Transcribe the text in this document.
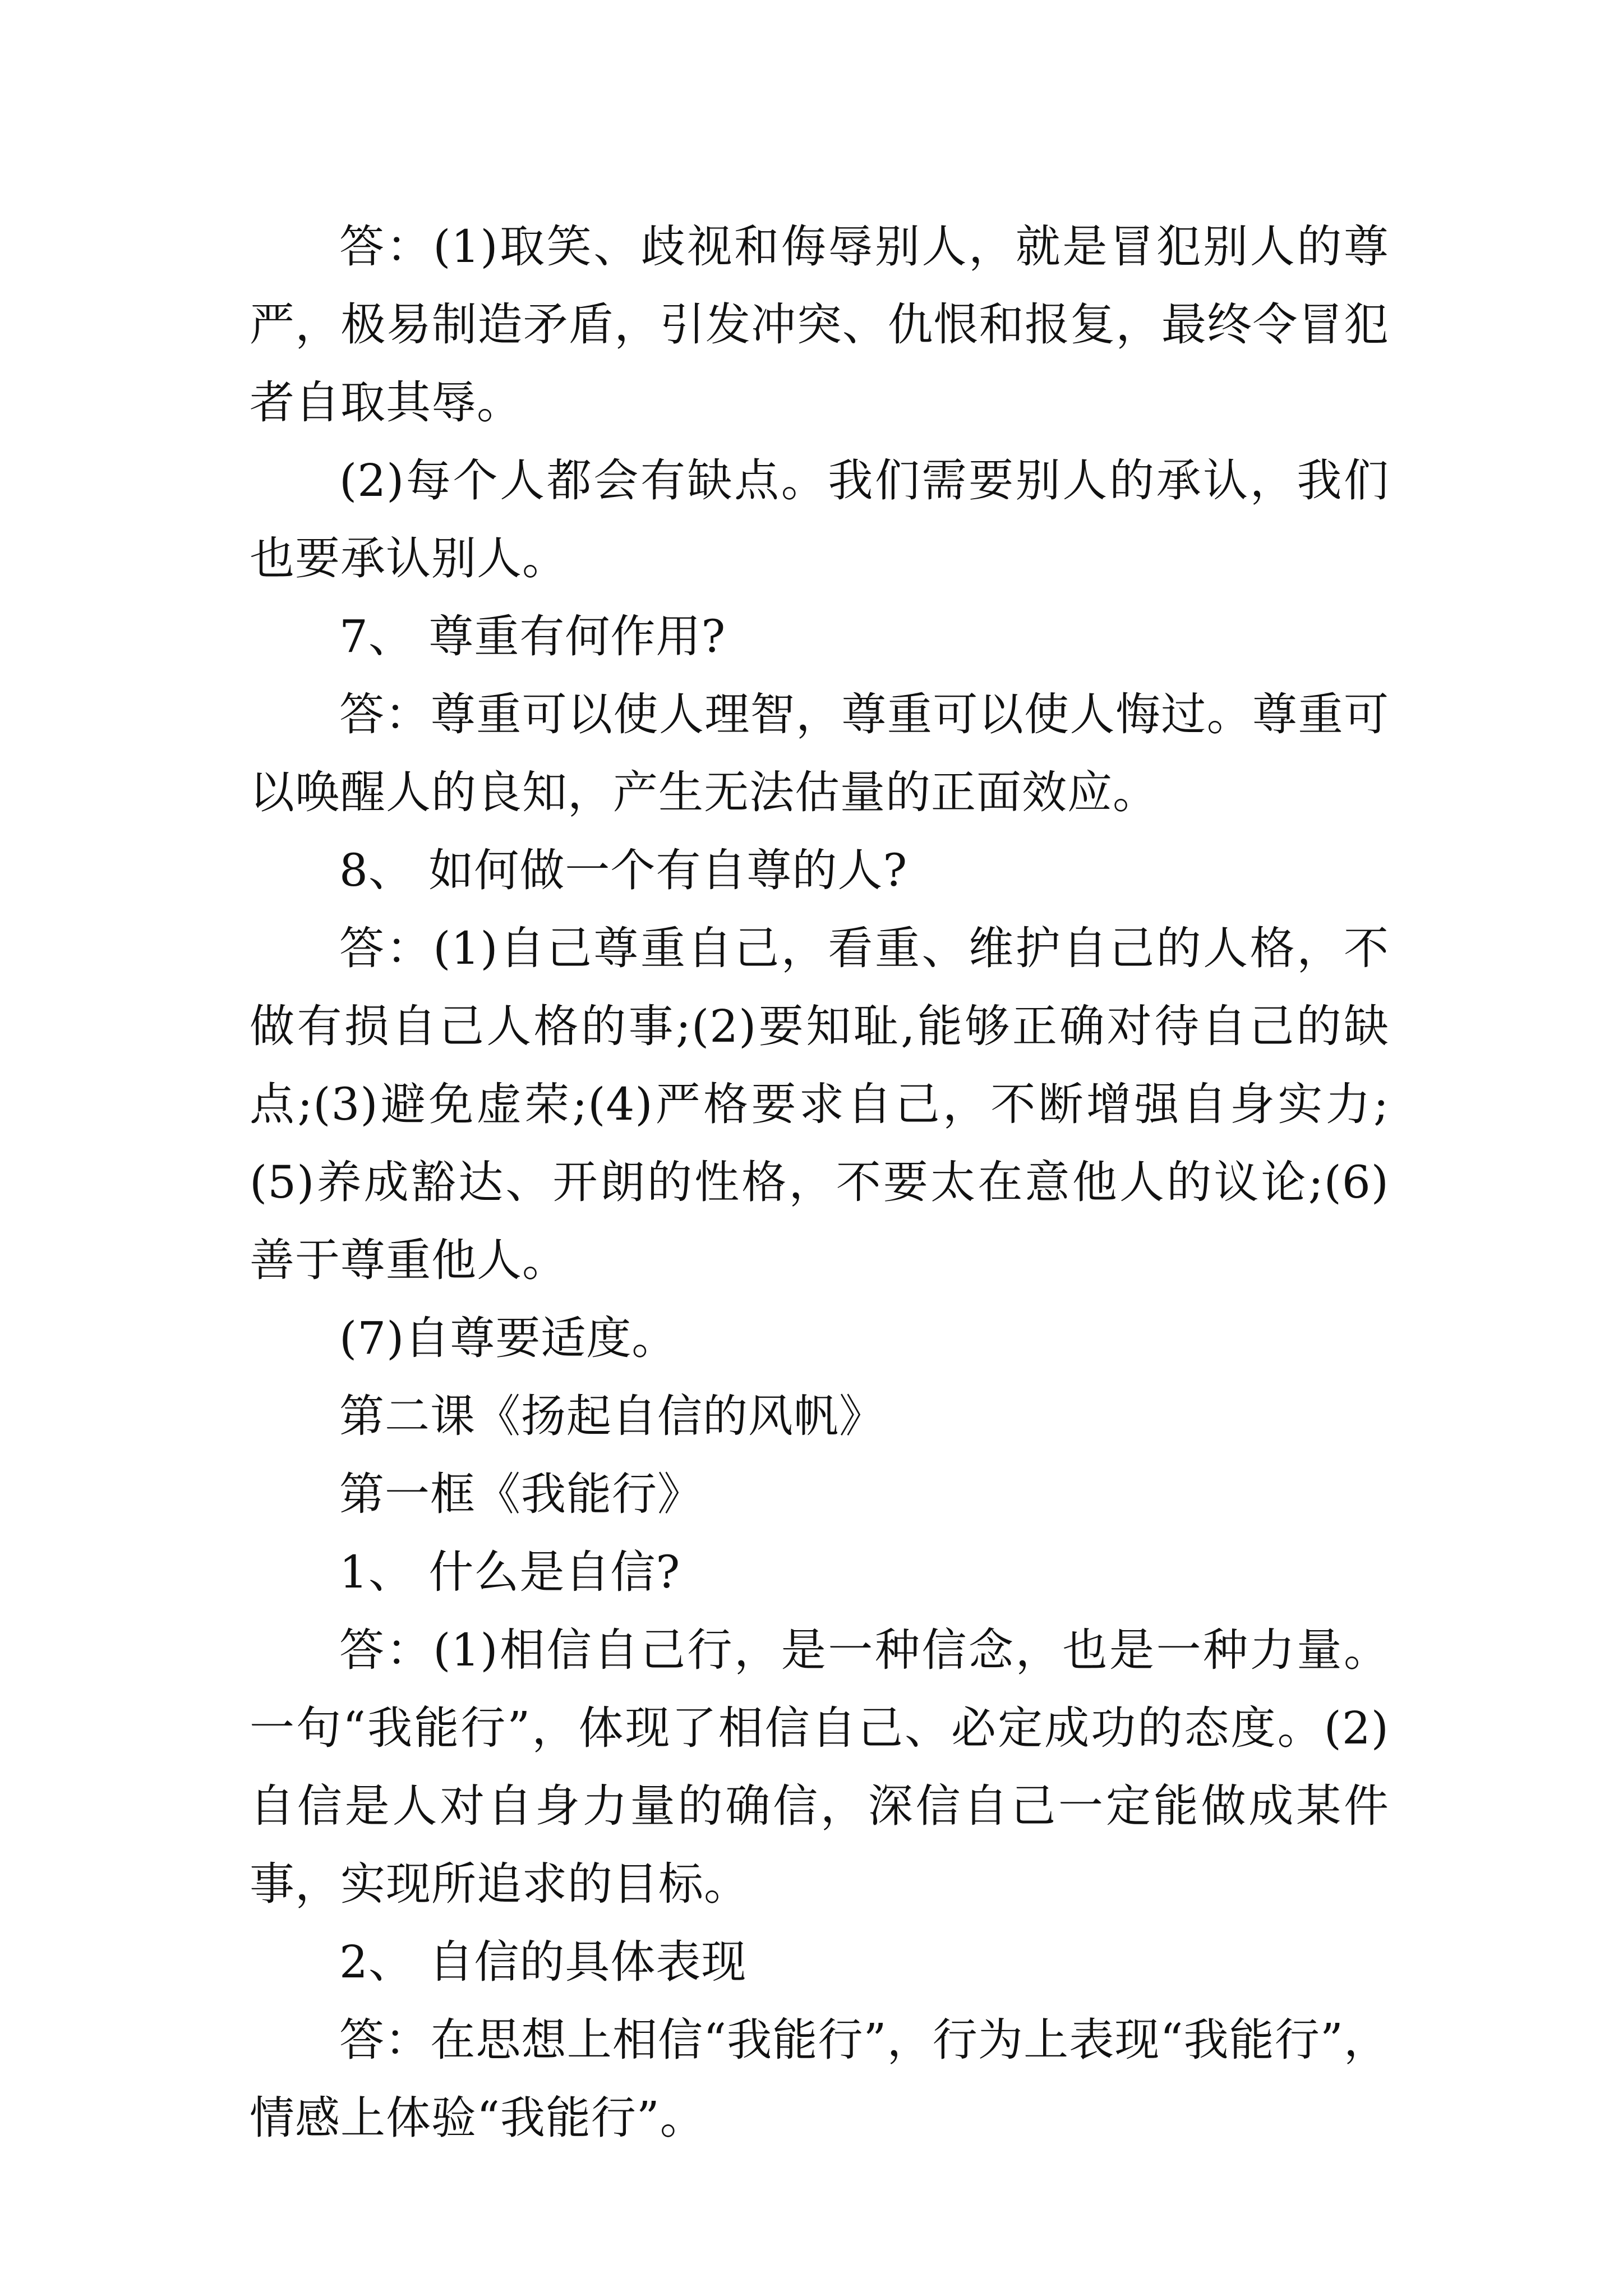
答：(1)取笑、歧视和侮辱别人，就是冒犯别人的尊严，极易制造矛盾，引发冲突、仇恨和报复，最终令冒犯者自取其辱。

(2)每个人都会有缺点。我们需要别人的承认，我们也要承认别人。

7、 尊重有何作用?

答：尊重可以使人理智，尊重可以使人悔过。尊重可以唤醒人的良知，产生无法估量的正面效应。

8、 如何做一个有自尊的人?

答：(1)自己尊重自己，看重、维护自己的人格，不做有损自己人格的事;(2)要知耻,能够正确对待自己的缺点;(3)避免虚荣;(4)严格要求自己，不断增强自身实力;(5)养成豁达、开朗的性格，不要太在意他人的议论;(6)善于尊重他人。

(7)自尊要适度。

第二课《扬起自信的风帆》

第一框《我能行》

1、 什么是自信?

答：(1)相信自己行，是一种信念，也是一种力量。一句“我能行”，体现了相信自己、必定成功的态度。(2)自信是人对自身力量的确信，深信自己一定能做成某件事，实现所追求的目标。

2、 自信的具体表现

答：在思想上相信“我能行”，行为上表现“我能行”，情感上体验“我能行”。
